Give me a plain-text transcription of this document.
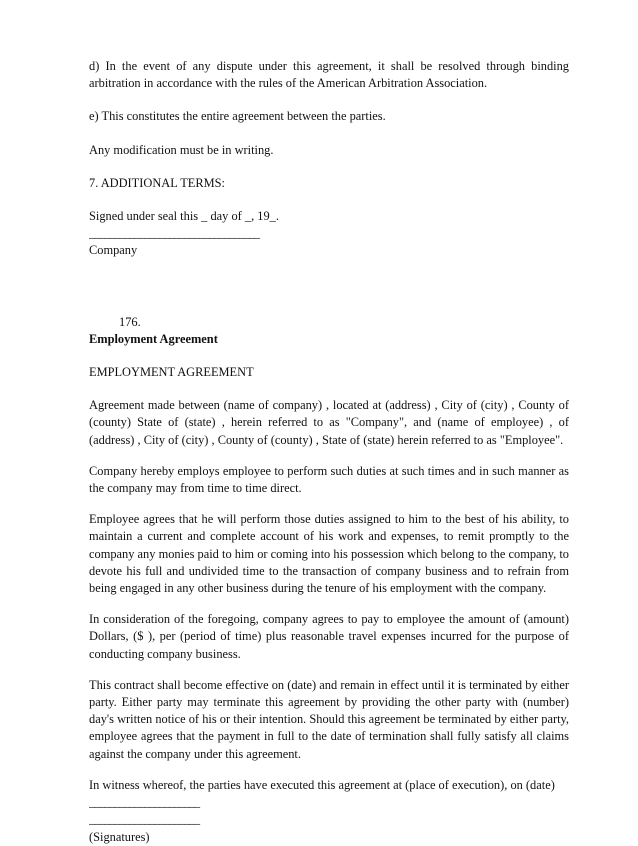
d) In the event of any dispute under this agreement, it shall be resolved through binding arbitration in accordance with the rules of the American Arbitration Association.

e) This constitutes the entire agreement between the parties.

Any modification must be in writing.

7. ADDITIONAL TERMS:

Signed under seal this _ day of _, 19_.

__________________________________

Company

176.

Employment Agreement

EMPLOYMENT AGREEMENT

Agreement made between (name of company) , located at (address) , City of (city) , County of (county) State of (state) , herein referred to as "Company", and (name of employee) , of (address) , City of (city) , County of (county) , State of (state) herein referred to as "Employee".

Company hereby employs employee to perform such duties at such times and in such manner as the company may from time to time direct.

Employee agrees that he will perform those duties assigned to him to the best of his ability, to maintain a current and complete account of his work and expenses, to remit promptly to the company any monies paid to him or coming into his possession which belong to the company, to devote his full and undivided time to the transaction of company business and to refrain from being engaged in any other business during the tenure of his employment with the company.

In consideration of the foregoing, company agrees to pay to employee the amount of (amount) Dollars, ($ ), per (period of time) plus reasonable travel expenses incurred for the purpose of conducting company business.

This contract shall become effective on (date) and remain in effect until it is terminated by either party. Either party may terminate this agreement by providing the other party with (number) day's written notice of his or their intention. Should this agreement be terminated by either party, employee agrees that the payment in full to the date of termination shall fully satisfy all claims against the company under this agreement.

In witness whereof, the parties have executed this agreement at (place of execution), on (date)

______________________

______________________

(Signatures)
